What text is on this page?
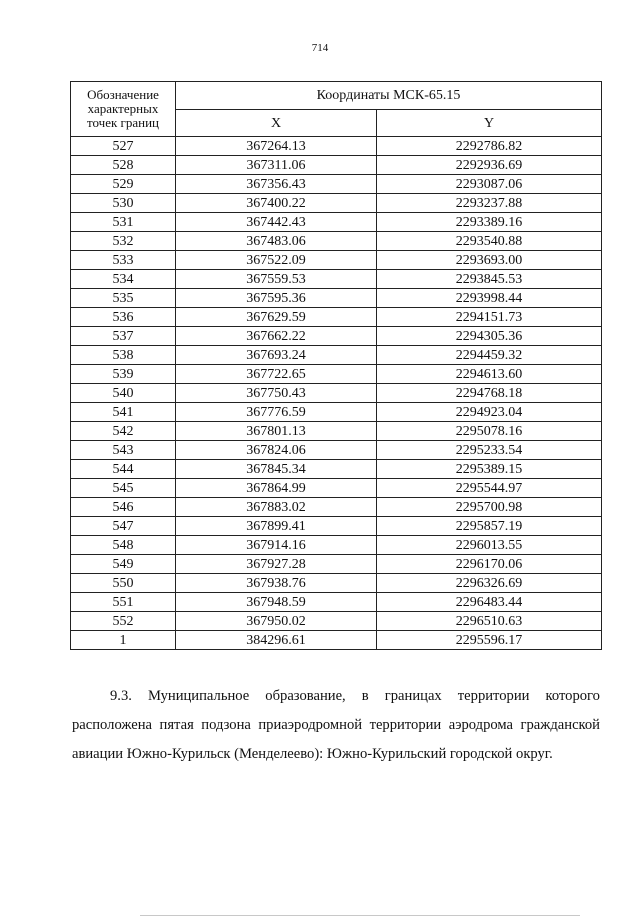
714
Обозначение характерных точек границ	Координаты МСК-65.15	
	X	Y
527	367264.13	2292786.82
528	367311.06	2292936.69
529	367356.43	2293087.06
530	367400.22	2293237.88
531	367442.43	2293389.16
532	367483.06	2293540.88
533	367522.09	2293693.00
534	367559.53	2293845.53
535	367595.36	2293998.44
536	367629.59	2294151.73
537	367662.22	2294305.36
538	367693.24	2294459.32
539	367722.65	2294613.60
540	367750.43	2294768.18
541	367776.59	2294923.04
542	367801.13	2295078.16
543	367824.06	2295233.54
544	367845.34	2295389.15
545	367864.99	2295544.97
546	367883.02	2295700.98
547	367899.41	2295857.19
548	367914.16	2296013.55
549	367927.28	2296170.06
550	367938.76	2296326.69
551	367948.59	2296483.44
552	367950.02	2296510.63
1	384296.61	2295596.17

9.3. Муниципальное образование, в границах территории которого расположена пятая подзона приаэродромной территории аэродрома гражданской авиации Южно-Курильск (Менделеево): Южно-Курильский городской округ.
